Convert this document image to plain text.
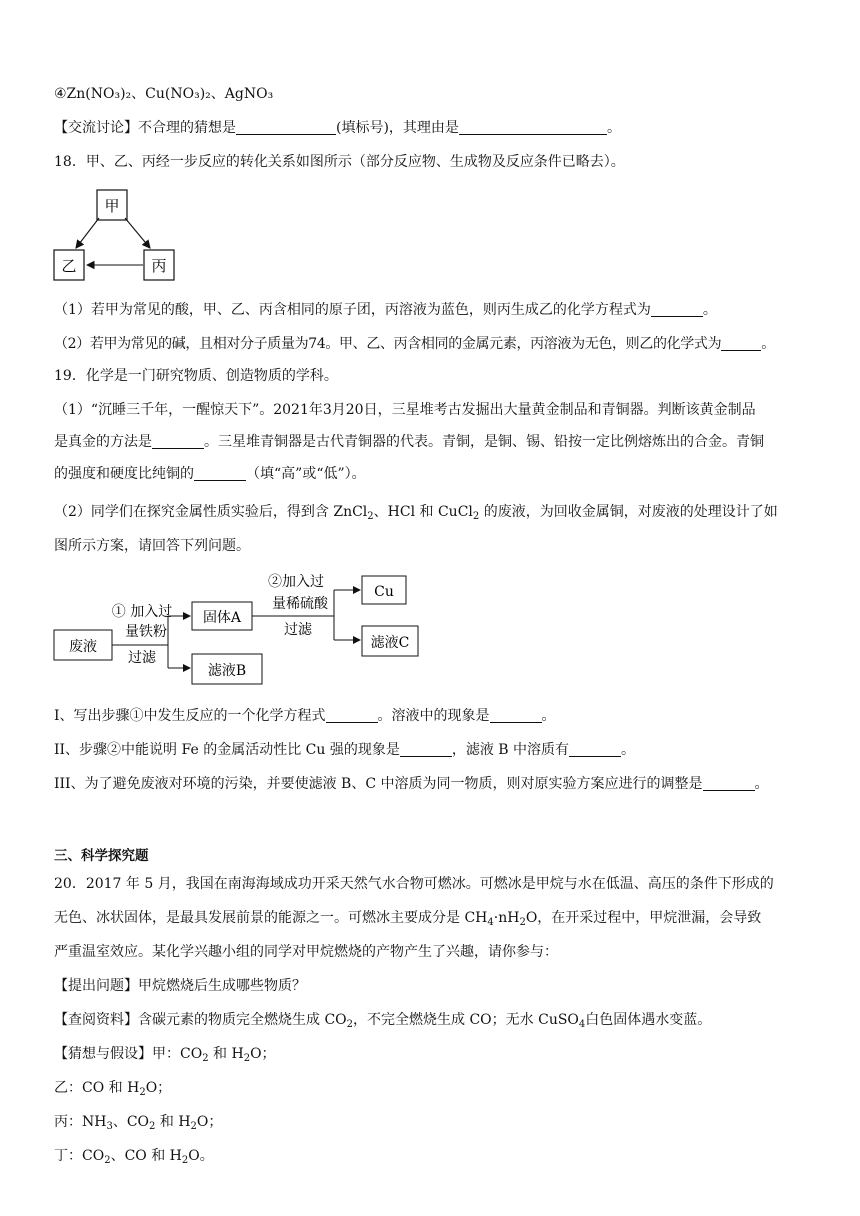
④Zn(NO₃)₂、Cu(NO₃)₂、AgNO₃
【交流讨论】不合理的猜想是	(填标号)，其理由是	。
18．甲、乙、丙经一步反应的转化关系如图所示（部分反应物、生成物及反应条件已略去）。
甲
乙	丙
（1）若甲为常见的酸，甲、乙、丙含相同的原子团，丙溶液为蓝色，则丙生成乙的化学方程式为	。
（2）若甲为常见的碱，且相对分子质量为74。甲、乙、丙含相同的金属元素，丙溶液为无色，则乙的化学式为	。
19．化学是一门研究物质、创造物质的学科。
（1）“沉睡三千年，一醒惊天下”。2021年3月20日，三星堆考古发掘出大量黄金制品和青铜器。判断该黄金制品
是真金的方法是	。三星堆青铜器是古代青铜器的代表。青铜，是铜、锡、铅按一定比例熔炼出的合金。青铜
的强度和硬度比纯铜的	（填“高”或“低”）。
（2）同学们在探究金属性质实验后，得到含 ZnCl$_2$、HCl 和 CuCl$_2$ 的废液，为回收金属铜，对废液的处理设计了如
图所示方案，请回答下列问题。
废液
① 加入过
量铁粉
过滤
固体A
滤液B
②加入过
量稀硫酸
过滤
Cu
滤液C
I、写出步骤①中发生反应的一个化学方程式	。溶液中的现象是	。
II、步骤②中能说明 Fe 的金属活动性比 Cu 强的现象是	，滤液 B 中溶质有	。
III、为了避免废液对环境的污染，并要使滤液 B、C 中溶质为同一物质，则对原实验方案应进行的调整是	。
三、科学探究题
20．2017 年 5 月，我国在南海海域成功开采天然气水合物可燃冰。可燃冰是甲烷与水在低温、高压的条件下形成的
无色、冰状固体，是最具发展前景的能源之一。可燃冰主要成分是 $CH_4\cdot nH_2O$，在开采过程中，甲烷泄漏，会导致
严重温室效应。某化学兴趣小组的同学对甲烷燃烧的产物产生了兴趣，请你参与：
【提出问题】甲烷燃烧后生成哪些物质？
【查阅资料】含碳元素的物质完全燃烧生成 $CO_2$，不完全燃烧生成 CO；无水 CuSO$_4$白色固体遇水变蓝。
【猜想与假设】甲：$CO_2$ 和 $H_2O$；
乙：CO 和 $H_2O$；
丙：$NH_3$、$CO_2$ 和 $H_2O$；
丁：$CO_2$、CO 和 $H_2O$。
